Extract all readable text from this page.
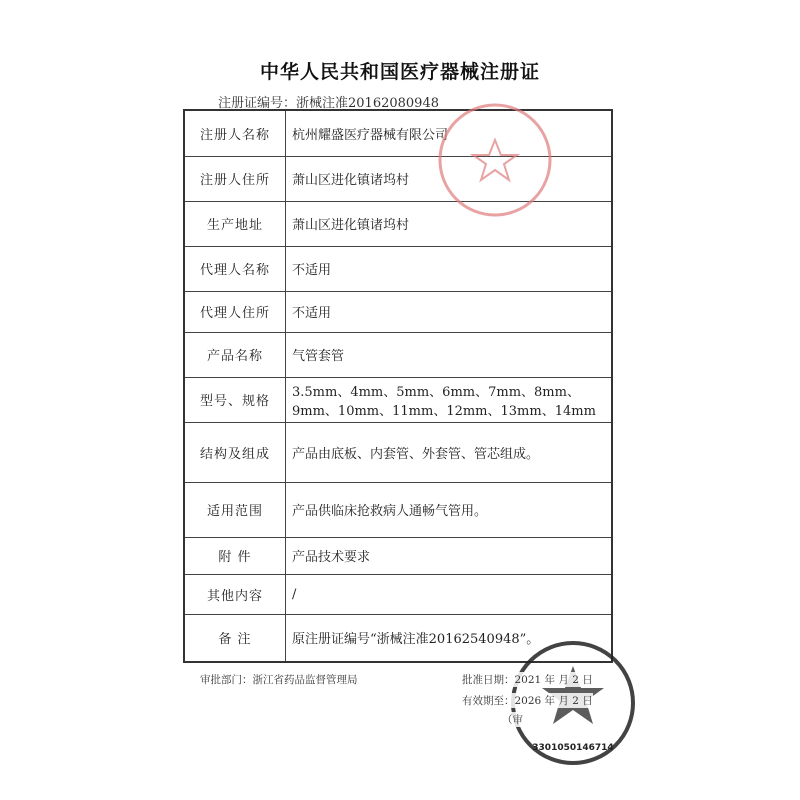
中华人民共和国医疗器械注册证
注册证编号：浙械注准20162080948
注册人名称	杭州耀盛医疗器械有限公司
注册人住所	萧山区进化镇诸坞村
生产地址	萧山区进化镇诸坞村
代理人名称	不适用
代理人住所	不适用
产品名称	气管套管
型号、规格	3.5mm、4mm、5mm、6mm、7mm、8mm、9mm、10mm、11mm、12mm、13mm、14mm
结构及组成	产品由底板、内套管、外套管、管芯组成。
适用范围	产品供临床抢救病人通畅气管用。
附 件	产品技术要求
其他内容	/
备 注	原注册证编号“浙械注准20162540948”。
3301050146714
审批部门：浙江省药品监督管理局	批准日期：2021 年 月 2 日
有效期至：2026 年 月 2 日
（审
